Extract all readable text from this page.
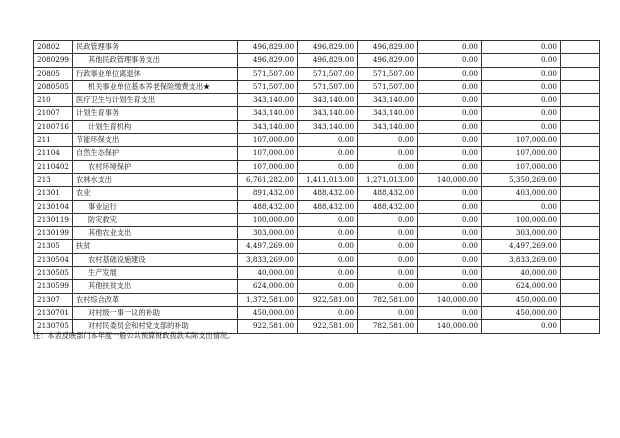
20802	民政管理事务	496,829.00	496,829.00	496,829.00	0.00	0.00	
2080299	其他民政管理事务支出	496,829.00	496,829.00	496,829.00	0.00	0.00	
20805	行政事业单位离退休	571,507.00	571,507.00	571,507.00	0.00	0.00	
2080505	机关事业单位基本养老保险缴费支出★	571,507.00	571,507.00	571,507.00	0.00	0.00	
210	医疗卫生与计划生育支出	343,140.00	343,140.00	343,140.00	0.00	0.00	
21007	计划生育事务	343,140.00	343,140.00	343,140.00	0.00	0.00	
2100716	计划生育机构	343,140.00	343,140.00	343,140.00	0.00	0.00	
211	节能环保支出	107,000.00	0.00	0.00	0.00	107,000.00	
21104	自然生态保护	107,000.00	0.00	0.00	0.00	107,000.00	
2110402	农村环境保护	107,000.00	0.00	0.00	0.00	107,000.00	
213	农林水支出	6,761,282.00	1,411,013.00	1,271,013.00	140,000.00	5,350,269.00	
21301	农业	891,432.00	488,432.00	488,432.00	0.00	403,000.00	
2130104	事业运行	488,432.00	488,432.00	488,432.00	0.00	0.00	
2130119	防灾救灾	100,000.00	0.00	0.00	0.00	100,000.00	
2130199	其他农业支出	303,000.00	0.00	0.00	0.00	303,000.00	
21305	扶贫	4,497,269.00	0.00	0.00	0.00	4,497,269.00	
2130504	农村基础设施建设	3,833,269.00	0.00	0.00	0.00	3,833,269.00	
2130505	生产发展	40,000.00	0.00	0.00	0.00	40,000.00	
2130599	其他扶贫支出	624,000.00	0.00	0.00	0.00	624,000.00	
21307	农村综合改革	1,372,581.00	922,581.00	782,581.00	140,000.00	450,000.00	
2130701	对村级一事一议的补助	450,000.00	0.00	0.00	0.00	450,000.00	
2130705	对村民委员会和村党支部的补助	922,581.00	922,581.00	782,581.00	140,000.00	0.00	
注：本表反映部门本年度一般公共预算财政拨款实际支出情况。
